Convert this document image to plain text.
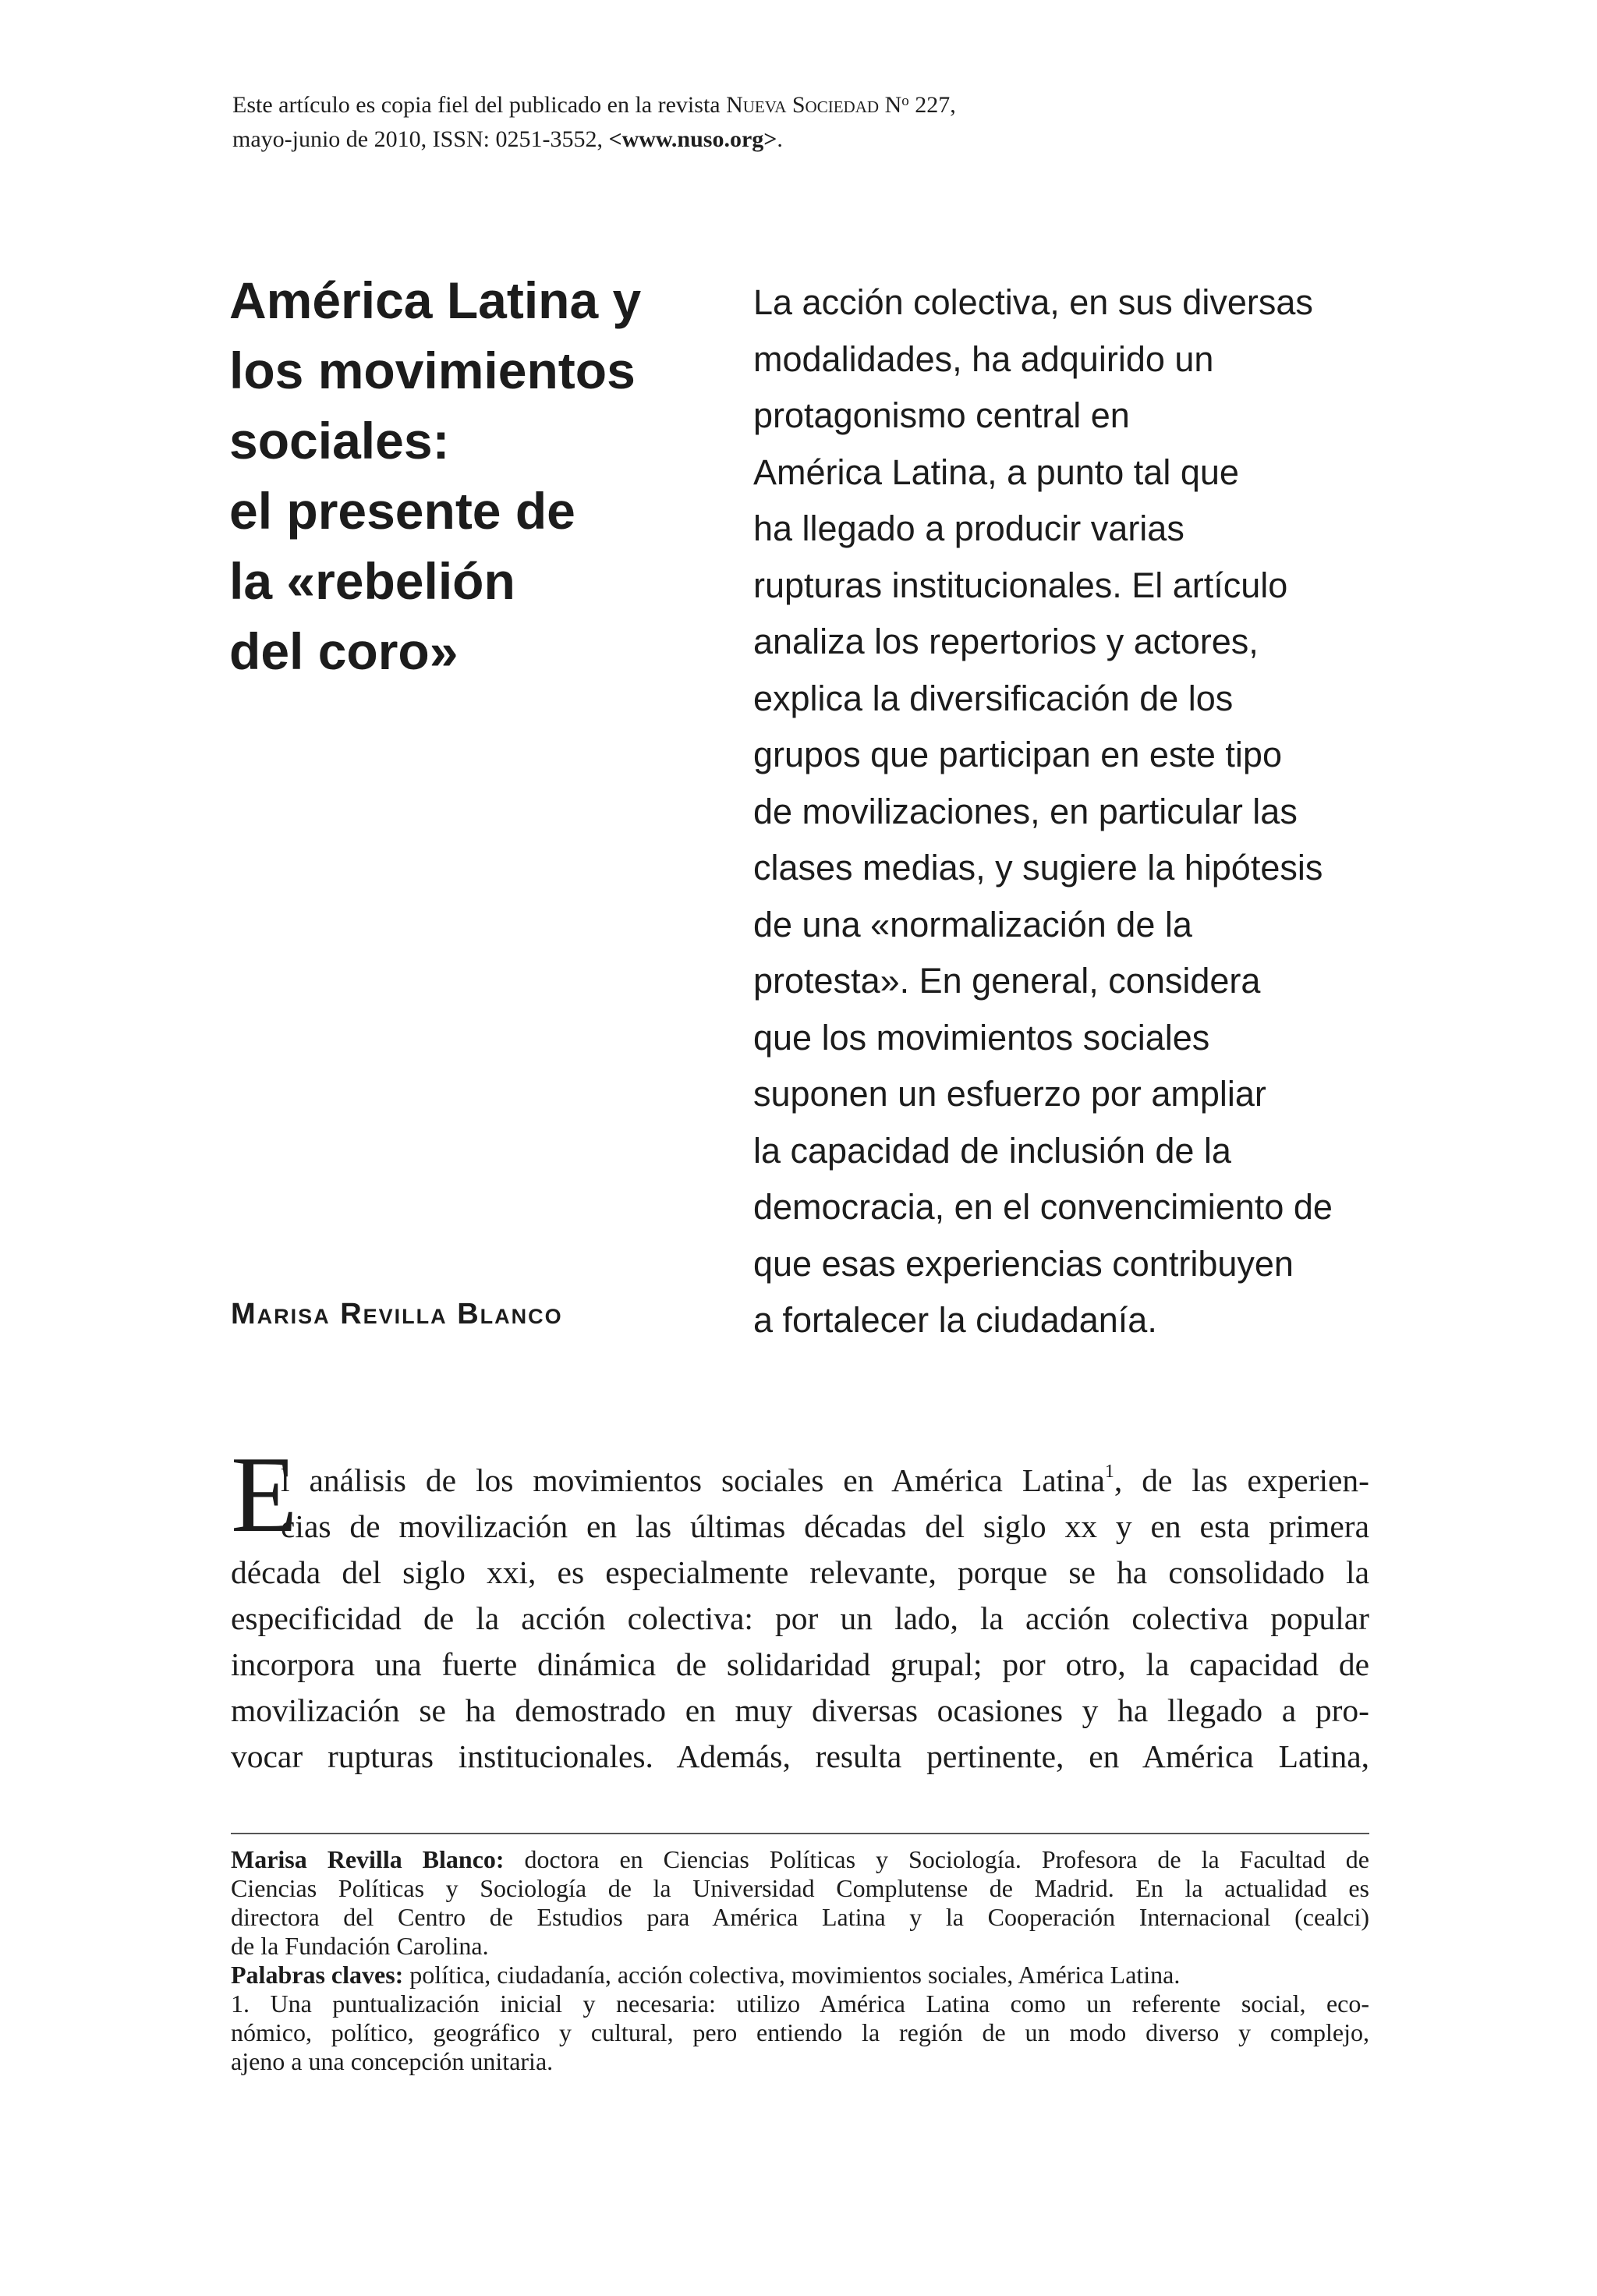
Este artículo es copia fiel del publicado en la revista Nueva Sociedad $N^o$ 227,
mayo-junio de 2010, ISSN: 0251-3552, <www.nuso.org>.
América Latina y
los movimientos
sociales:
el presente de
la «rebelión
del coro»
Marisa Revilla Blanco
La acción colectiva, en sus diversas
modalidades, ha adquirido un
protagonismo central en
América Latina, a punto tal que
ha llegado a producir varias
rupturas institucionales. El artículo
analiza los repertorios y actores,
explica la diversificación de los
grupos que participan en este tipo
de movilizaciones, en particular las
clases medias, y sugiere la hipótesis
de una «normalización de la
protesta». En general, considera
que los movimientos sociales
suponen un esfuerzo por ampliar
la capacidad de inclusión de la
democracia, en el convencimiento de
que esas experiencias contribuyen
a fortalecer la ciudadanía.
E
l análisis de los movimientos sociales en América Latina$^1$, de las experien-
cias de movilización en las últimas décadas del siglo xx y en esta primera
década del siglo xxi, es especialmente relevante, porque se ha consolidado la
especificidad de la acción colectiva: por un lado, la acción colectiva popular
incorpora una fuerte dinámica de solidaridad grupal; por otro, la capacidad de
movilización se ha demostrado en muy diversas ocasiones y ha llegado a pro-
vocar rupturas institucionales. Además, resulta pertinente, en América Latina,

Marisa Revilla Blanco: doctora en Ciencias Políticas y Sociología. Profesora de la Facultad de
Ciencias Políticas y Sociología de la Universidad Complutense de Madrid. En la actualidad es
directora del Centro de Estudios para América Latina y la Cooperación Internacional (cealci)
de la Fundación Carolina.

Palabras claves: política, ciudadanía, acción colectiva, movimientos sociales, América Latina.

1. Una puntualización inicial y necesaria: utilizo América Latina como un referente social, eco-
nómico, político, geográfico y cultural, pero entiendo la región de un modo diverso y complejo,
ajeno a una concepción unitaria.
